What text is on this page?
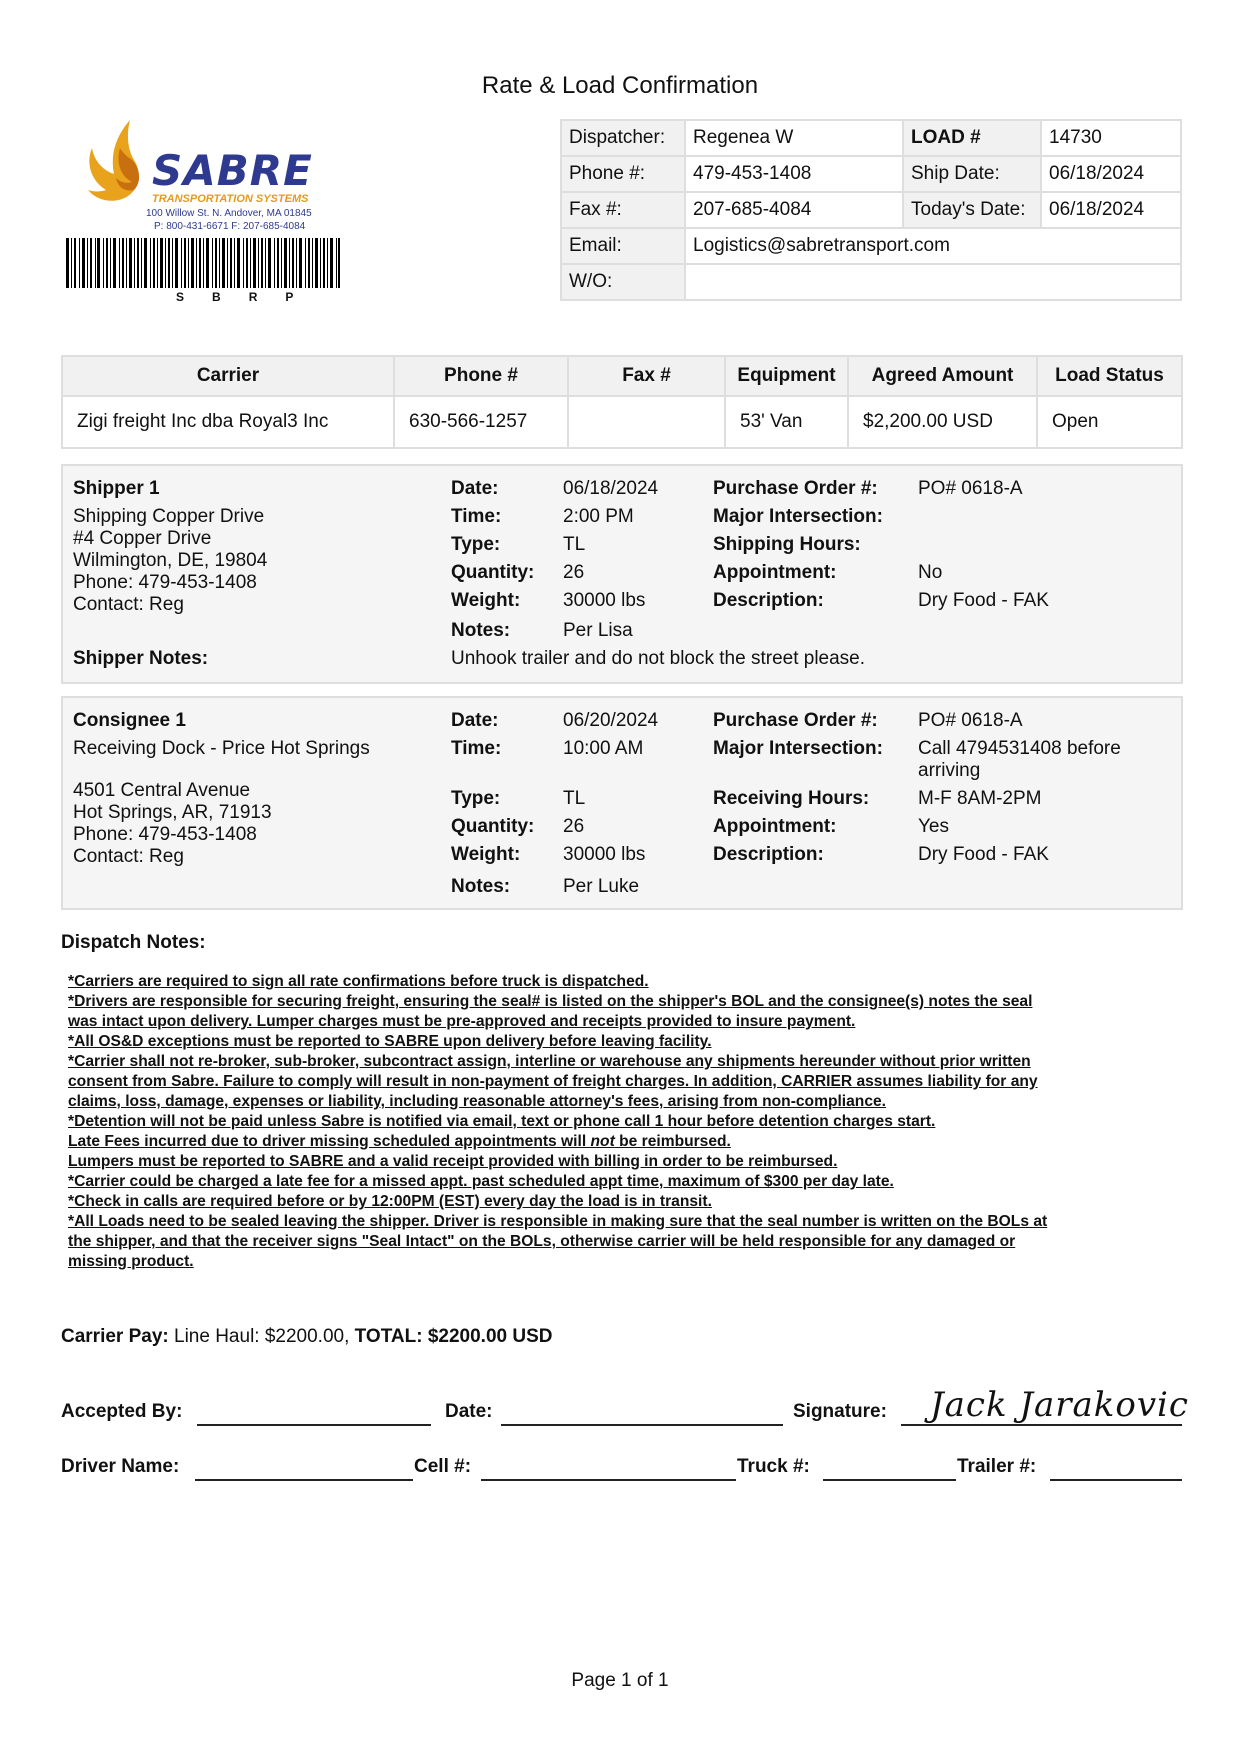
Rate & Load Confirmation
SABRE
TRANSPORTATION SYSTEMS
100 Willow St. N. Andover, MA 01845
P: 800-431-6671 F: 207-685-4084
S B R P
Dispatcher:	Regenea W	LOAD #	14730
Phone #:	479-453-1408	Ship Date:	06/18/2024
Fax #:	207-685-4084	Today's Date:	06/18/2024
Email:	Logistics@sabretransport.com		
W/O:			
Carrier	Phone #	Fax #	Equipment	Agreed Amount	Load Status
Zigi freight Inc dba Royal3 Inc	630-566-1257		53' Van	$2,200.00 USD	Open
Shipper 1
Shipping Copper Drive
#4 Copper Drive
Wilmington, DE, 19804
Phone: 479-453-1408
Contact: Reg
Date:	06/18/2024
Time:	2:00 PM
Type:	TL
Quantity: 26
Weight: 30000 lbs
Notes:	Per Lisa
Purchase Order #: PO# 0618-A
Major Intersection:
Shipping Hours:
Appointment:	No
Description:	Dry Food - FAK
Shipper Notes:	Unhook trailer and do not block the street please.
Consignee 1
Receiving Dock - Price Hot Springs
4501 Central Avenue
Hot Springs, AR, 71913
Phone: 479-453-1408
Contact: Reg
Date:	06/20/2024
Time:	10:00 AM
Type:	TL
Quantity: 26
Weight: 30000 lbs
Notes:	Per Luke
Purchase Order #: PO# 0618-A
Major Intersection: Call 4794531408 before
arriving
Receiving Hours:	M-F 8AM-2PM
Appointment:	Yes
Description:	Dry Food - FAK
Dispatch Notes:
*Carriers are required to sign all rate confirmations before truck is dispatched.
*Drivers are responsible for securing freight, ensuring the seal# is listed on the shipper's BOL and the consignee(s) notes the seal
was intact upon delivery. Lumper charges must be pre-approved and receipts provided to insure payment.
*All OS&D exceptions must be reported to SABRE upon delivery before leaving facility.
*Carrier shall not re-broker, sub-broker, subcontract assign, interline or warehouse any shipments hereunder without prior written
consent from Sabre. Failure to comply will result in non-payment of freight charges. In addition, CARRIER assumes liability for any
claims, loss, damage, expenses or liability, including reasonable attorney's fees, arising from non-compliance.
*Detention will not be paid unless Sabre is notified via email, text or phone call 1 hour before detention charges start.
Late Fees incurred due to driver missing scheduled appointments will not be reimbursed.
Lumpers must be reported to SABRE and a valid receipt provided with billing in order to be reimbursed.
*Carrier could be charged a late fee for a missed appt. past scheduled appt time, maximum of $300 per day late.
*Check in calls are required before or by 12:00PM (EST) every day the load is in transit.
*All Loads need to be sealed leaving the shipper. Driver is responsible in making sure that the seal number is written on the BOLs at
the shipper, and that the receiver signs "Seal Intact" on the BOLs, otherwise carrier will be held responsible for any damaged or
missing product.
Carrier Pay: Line Haul: $2200.00, TOTAL: $2200.00 USD
Accepted By:	Date:	Signature: Jack Jarakovic
Driver Name:	Cell #:	Truck #:	Trailer #:
Page 1 of 1
